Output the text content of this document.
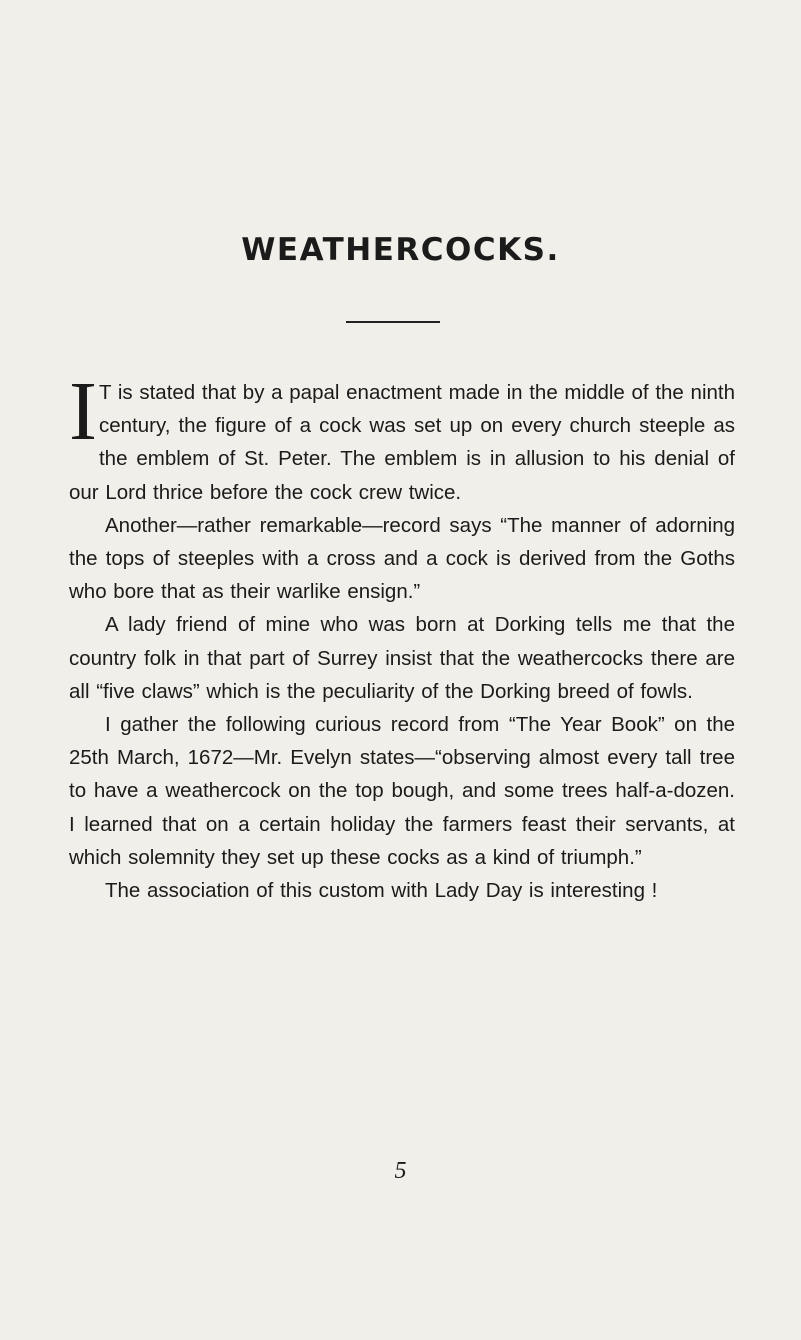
WEATHERCOCKS.

I T is stated that by a papal enactment made in the middle of the ninth century, the figure of a cock was set up on every church steeple as the emblem of St. Peter. The emblem is in allusion to his denial of our Lord thrice before the cock crew twice.

Another—rather remarkable—record says “The manner of adorning the tops of steeples with a cross and a cock is derived from the Goths who bore that as their warlike ensign.”

A lady friend of mine who was born at Dorking tells me that the country folk in that part of Surrey insist that the weathercocks there are all “five claws” which is the peculiarity of the Dorking breed of fowls.

I gather the following curious record from “The Year Book” on the 25th March, 1672—Mr. Evelyn states—“observing almost every tall tree to have a weathercock on the top bough, and some trees half-a-dozen. I learned that on a certain holiday the farmers feast their servants, at which solemnity they set up these cocks as a kind of triumph.”

The association of this custom with Lady Day is interesting !

5
